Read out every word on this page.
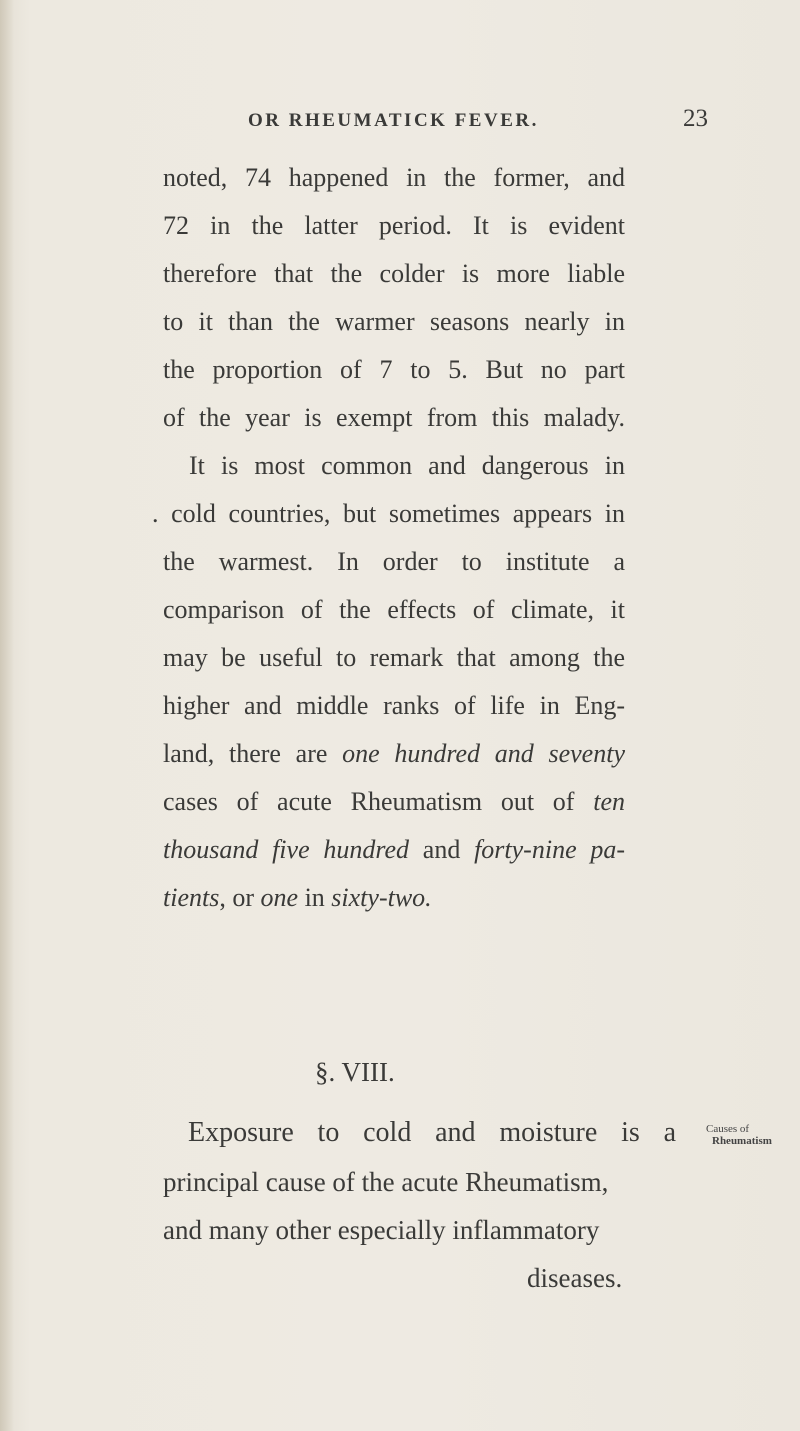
OR RHEUMATICK FEVER.	23
noted, 74 happened in the former, and
72 in the latter period. It is evident
therefore that the colder is more liable
to it than the warmer seasons nearly in
the proportion of 7 to 5. But no part
of the year is exempt from this malady.
It is most common and dangerous in
. cold countries, but sometimes appears in
the warmest. In order to institute a
comparison of the effects of climate, it
may be useful to remark that among the
higher and middle ranks of life in Eng-
land, there are one hundred and seventy
cases of acute Rheumatism out of ten
thousand five hundred and forty-nine pa-
tients, or one in sixty-two.
§. VIII.
Exposure to cold and moisture is a
principal cause of the acute Rheumatism,
and many other especially inflammatory
diseases.
Causes of
Rheumatism
